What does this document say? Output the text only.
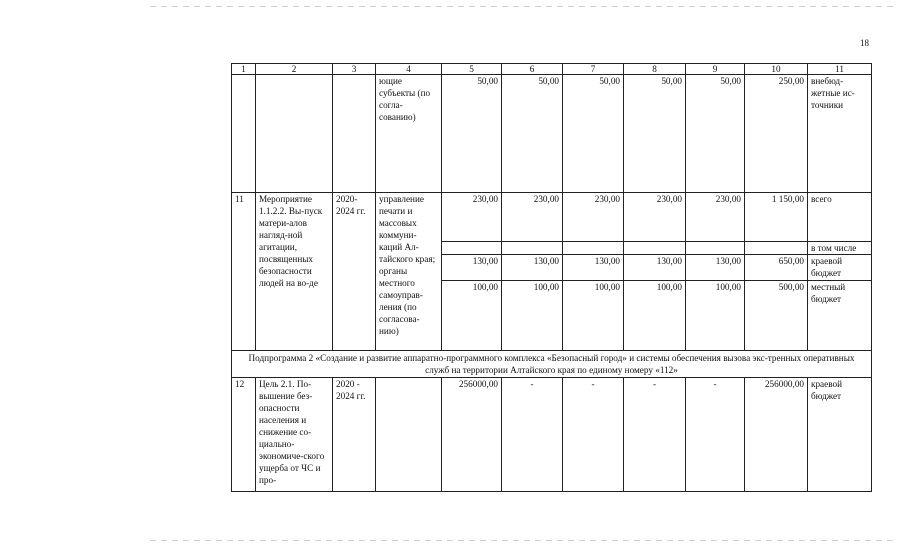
18
1	2	3	4	5	6	7	8	9	10	11
			ющие субъекты (по согла-сованию)	50,00	50,00	50,00	50,00	50,00	250,00	внебюд-жетные ис-точники
11	Мероприятие 1.1.2.2. Вы-пуск матери-алов нагляд-ной агитации, посвященных безопасности людей на во-де	2020-2024 гг.	управление печати и массовых коммуни-каций Ал-тайского края; органы местного самоуправ-ления (по согласова-нию)	230,00	230,00	230,00	230,00	230,00	1 150,00	всего
										в том числе
				130,00	130,00	130,00	130,00	130,00	650,00	краевой бюджет
				100,00	100,00	100,00	100,00	100,00	500,00	местный бюджет
Подпрограмма 2 «Создание и развитие аппаратно-программного комплекса «Безопасный город» и системы обеспечения вызова экс-тренных оперативных служб на территории Алтайского края по единому номеру «112»										
12	Цель 2.1. По-вышение без-опасности населения и снижение со-циально-экономиче-ского ущерба от ЧС и про-	2020 - 2024 гг.		256000,00	-	-	-	-	256000,00	краевой бюджет
